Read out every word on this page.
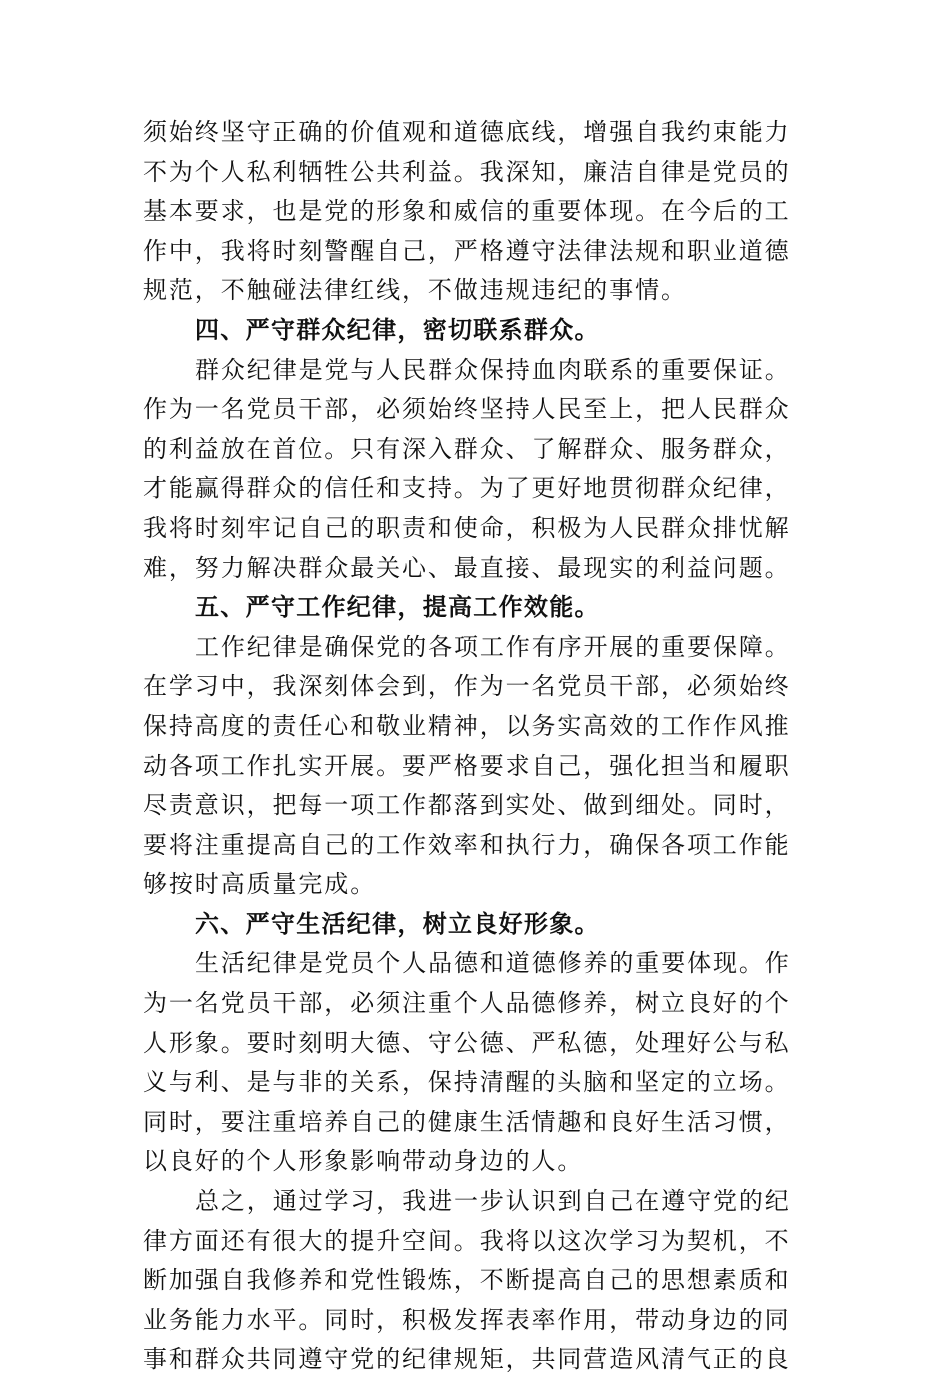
须始终坚守正确的价值观和道德底线，增强自我约束能力
不为个人私利牺牲公共利益。我深知，廉洁自律是党员的
基本要求，也是党的形象和威信的重要体现。在今后的工
作中，我将时刻警醒自己，严格遵守法律法规和职业道德
规范，不触碰法律红线，不做违规违纪的事情。
四、严守群众纪律，密切联系群众。
群众纪律是党与人民群众保持血肉联系的重要保证。
作为一名党员干部，必须始终坚持人民至上，把人民群众
的利益放在首位。只有深入群众、了解群众、服务群众，
才能赢得群众的信任和支持。为了更好地贯彻群众纪律，
我将时刻牢记自己的职责和使命，积极为人民群众排忧解
难，努力解决群众最关心、最直接、最现实的利益问题。
五、严守工作纪律，提高工作效能。
工作纪律是确保党的各项工作有序开展的重要保障。
在学习中，我深刻体会到，作为一名党员干部，必须始终
保持高度的责任心和敬业精神，以务实高效的工作作风推
动各项工作扎实开展。要严格要求自己，强化担当和履职
尽责意识，把每一项工作都落到实处、做到细处。同时，
要将注重提高自己的工作效率和执行力，确保各项工作能
够按时高质量完成。
六、严守生活纪律，树立良好形象。
生活纪律是党员个人品德和道德修养的重要体现。作
为一名党员干部，必须注重个人品德修养，树立良好的个
人形象。要时刻明大德、守公德、严私德，处理好公与私
义与利、是与非的关系，保持清醒的头脑和坚定的立场。
同时，要注重培养自己的健康生活情趣和良好生活习惯，
以良好的个人形象影响带动身边的人。
总之，通过学习，我进一步认识到自己在遵守党的纪
律方面还有很大的提升空间。我将以这次学习为契机，不
断加强自我修养和党性锻炼，不断提高自己的思想素质和
业务能力水平。同时，积极发挥表率作用，带动身边的同
事和群众共同遵守党的纪律规矩，共同营造风清气正的良
